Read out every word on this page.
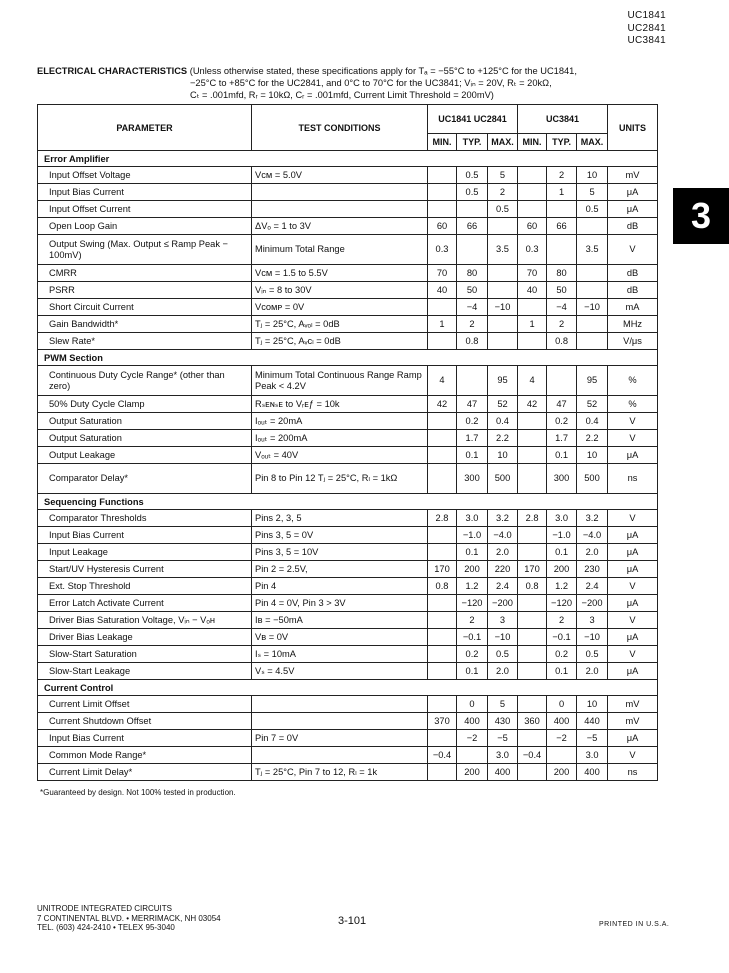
UC1841
UC2841
UC3841
3
ELECTRICAL CHARACTERISTICS (Unless otherwise stated, these specifications apply for Tₐ = −55°C to +125°C for the UC1841,
−25°C to +85°C for the UC2841, and 0°C to 70°C for the UC3841; Vᵢₙ = 20V, Rₜ = 20kΩ,
Cₜ = .001mfd, Rᵣ = 10kΩ, Cᵣ = .001mfd, Current Limit Threshold = 200mV)
PARAMETER	TEST CONDITIONS	UC1841 UC2841			UC3841			UNITS
		MIN.	TYP.	MAX.	MIN.	TYP.	MAX.	
Error Amplifier								
Input Offset Voltage	Vᴄᴍ = 5.0V		0.5	5		2	10	mV
Input Bias Current			0.5	2		1	5	μA
Input Offset Current				0.5			0.5	μA
Open Loop Gain	ΔVₒ = 1 to 3V	60	66		60	66		dB
Output Swing (Max. Output ≤ Ramp Peak − 100mV)	Minimum Total Range	0.3		3.5	0.3		3.5	V
CMRR	Vᴄᴍ = 1.5 to 5.5V	70	80		70	80		dB
PSRR	Vᵢₙ = 8 to 30V	40	50		40	50		dB
Short Circuit Current	Vᴄᴏᴍᴘ = 0V		−4	−10		−4	−10	mA
Gain Bandwidth*	Tⱼ = 25°C, Aᵥₒₗ = 0dB	1	2		1	2		MHz
Slew Rate*	Tⱼ = 25°C, Aᵥᴄₗ = 0dB		0.8			0.8		V/μs
PWM Section								
Continuous Duty Cycle Range* (other than zero)	Minimum Total Continuous Range Ramp Peak < 4.2V	4		95	4		95	%
50% Duty Cycle Clamp	Rₛᴇɴₛᴇ to Vᵣᴇƒ = 10k	42	47	52	42	47	52	%
Output Saturation	Iₒᵤₜ = 20mA		0.2	0.4		0.2	0.4	V
Output Saturation	Iₒᵤₜ = 200mA		1.7	2.2		1.7	2.2	V
Output Leakage	Vₒᵤₜ = 40V		0.1	10		0.1	10	μA
Comparator Delay*	Pin 8 to Pin 12 Tⱼ = 25°C, Rₗ = 1kΩ		300	500		300	500	ns
Sequencing Functions								
Comparator Thresholds	Pins 2, 3, 5	2.8	3.0	3.2	2.8	3.0	3.2	V
Input Bias Current	Pins 3, 5 = 0V		−1.0	−4.0		−1.0	−4.0	μA
Input Leakage	Pins 3, 5 = 10V		0.1	2.0		0.1	2.0	μA
Start/UV Hysteresis Current	Pin 2 = 2.5V,	170	200	220	170	200	230	μA
Ext. Stop Threshold	Pin 4	0.8	1.2	2.4	0.8	1.2	2.4	V
Error Latch Activate Current	Pin 4 = 0V, Pin 3 > 3V		−120	−200		−120	−200	μA
Driver Bias Saturation Voltage, Vᵢₙ − Vₒʜ	Iʙ = −50mA		2	3		2	3	V
Driver Bias Leakage	Vʙ = 0V		−0.1	−10		−0.1	−10	μA
Slow-Start Saturation	Iₛ = 10mA		0.2	0.5		0.2	0.5	V
Slow-Start Leakage	Vₛ = 4.5V		0.1	2.0		0.1	2.0	μA
Current Control								
Current Limit Offset			0	5		0	10	mV
Current Shutdown Offset		370	400	430	360	400	440	mV
Input Bias Current	Pin 7 = 0V		−2	−5		−2	−5	μA
Common Mode Range*		−0.4		3.0	−0.4		3.0	V
Current Limit Delay*	Tⱼ = 25°C, Pin 7 to 12, Rₗ = 1k		200	400		200	400	ns
*Guaranteed by design. Not 100% tested in production.
UNITRODE INTEGRATED CIRCUITS
7 CONTINENTAL BLVD. • MERRIMACK, NH 03054
TEL. (603) 424-2410 • TELEX 95-3040
3-101	PRINTED IN U.S.A.
